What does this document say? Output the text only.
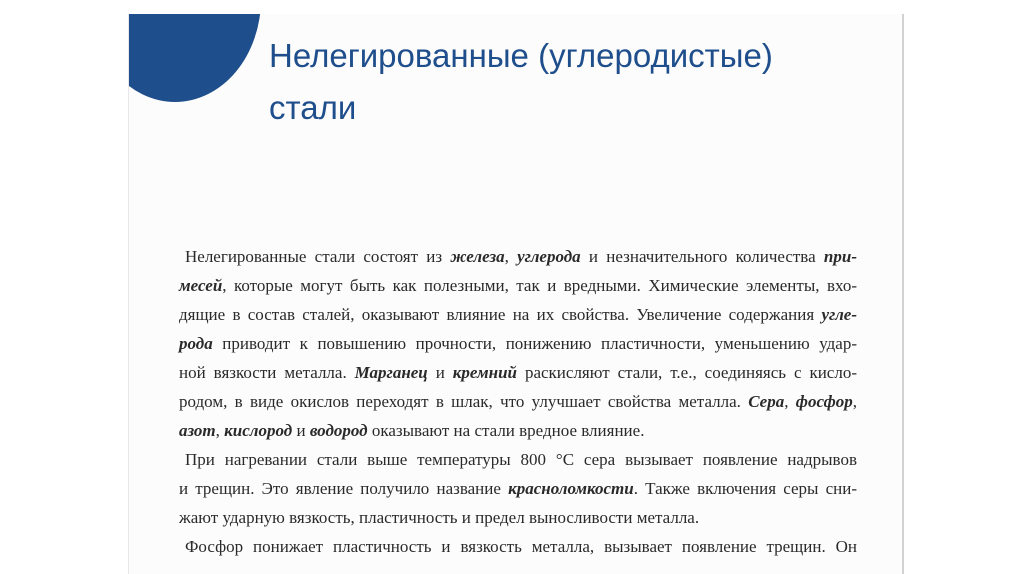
Нелегированные (углеродистые)
стали
Нелегированные стали состоят из железа, углерода и незначительного количества при-
месей, которые могут быть как полезными, так и вредными. Химические элементы, вхо-
дящие в состав сталей, оказывают влияние на их свойства. Увеличение содержания угле-
рода приводит к повышению прочности, понижению пластичности, уменьшению удар-
ной вязкости металла. Марганец и кремний раскисляют стали, т.е., соединяясь с кисло-
родом, в виде окислов переходят в шлак, что улучшает свойства металла. Сера, фосфор,
азот, кислород и водород оказывают на стали вредное влияние.
При нагревании стали выше температуры 800 °С сера вызывает появление надрывов
и трещин. Это явление получило название красноломкости. Также включения серы сни-
жают ударную вязкость, пластичность и предел выносливости металла.
Фосфор понижает пластичность и вязкость металла, вызывает появление трещин. Он
